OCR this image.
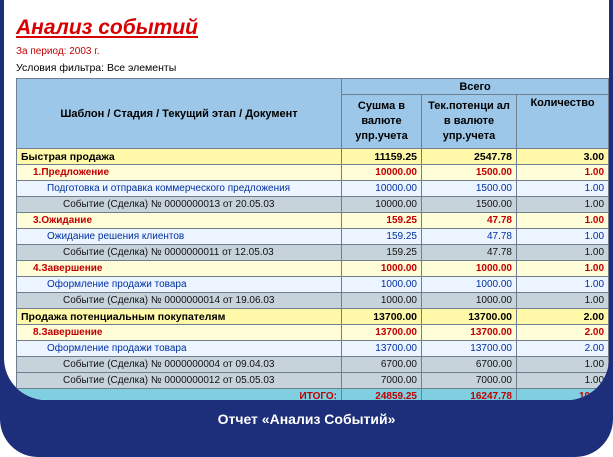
Анализ событий
За период: 2003 г.
Условия фильтра: Все элементы
Шаблон / Стадия / Текущий этап / Документ	Всего		
	Сушма в валюте упр.учета	Тек.потенци ал в валюте упр.учета	Количество
Быстрая продажа	11159.25	2547.78	3.00
1.Предложение	10000.00	1500.00	1.00
Подготовка и отправка коммерческого предложения	10000.00	1500.00	1.00
Событие (Сделка) № 0000000013 от 20.05.03	10000.00	1500.00	1.00
3.Ожидание	159.25	47.78	1.00
Ожидание решения клиентов	159.25	47.78	1.00
Событие (Сделка) № 0000000011 от 12.05.03	159.25	47.78	1.00
4.Завершение	1000.00	1000.00	1.00
Оформление продажи товара	1000.00	1000.00	1.00
Событие (Сделка) № 0000000014 от 19.06.03	1000.00	1000.00	1.00
Продажа потенциальным покупателям	13700.00	13700.00	2.00
8.Завершение	13700.00	13700.00	2.00
Оформление продажи товара	13700.00	13700.00	2.00
Событие (Сделка) № 0000000004 от 09.04.03	6700.00	6700.00	1.00
Событие (Сделка) № 0000000012 от 05.05.03	7000.00	7000.00	1.00
ИТОГО:	24859.25	16247.78	10.00
Отчет «Анализ Событий»
